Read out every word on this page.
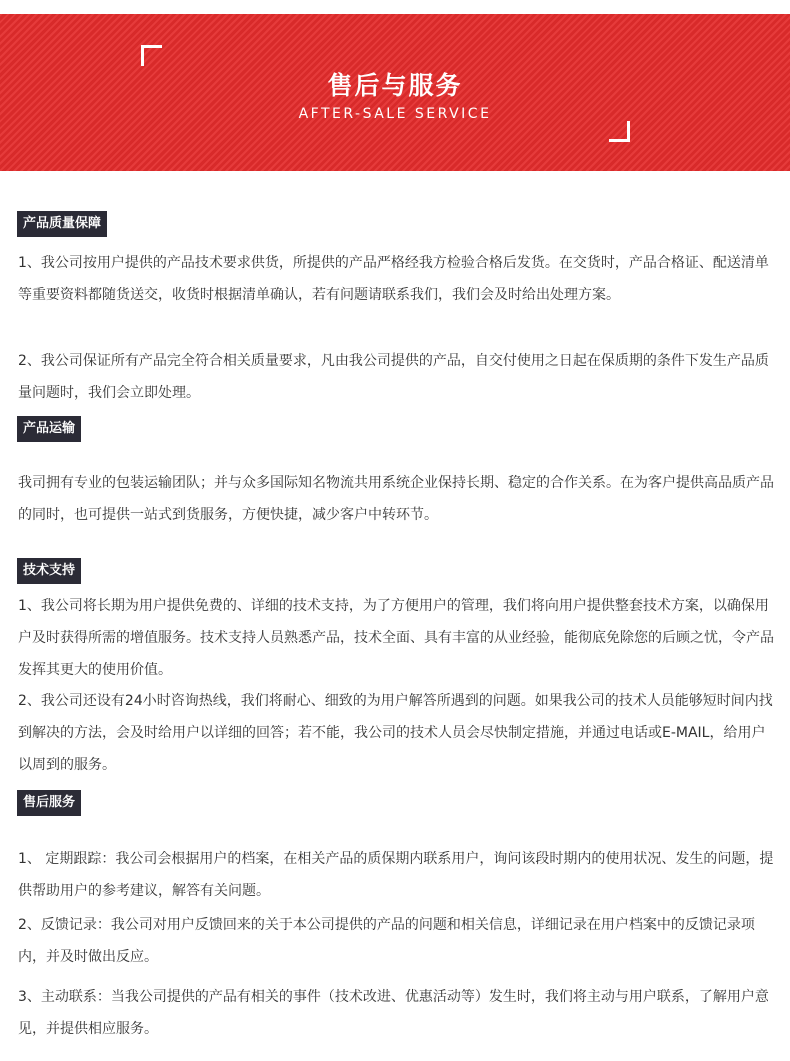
售后与服务
AFTER-SALE SERVICE
产品质量保障
1、我公司按用户提供的产品技术要求供货，所提供的产品严格经我方检验合格后发货。在交货时，产品合格证、配送清单等重要资料都随货送交，收货时根据清单确认，若有问题请联系我们，我们会及时给出处理方案。
2、我公司保证所有产品完全符合相关质量要求，凡由我公司提供的产品，自交付使用之日起在保质期的条件下发生产品质量问题时，我们会立即处理。
产品运输
我司拥有专业的包装运输团队；并与众多国际知名物流共用系统企业保持长期、稳定的合作关系。在为客户提供高品质产品的同时，也可提供一站式到货服务，方便快捷，减少客户中转环节。
技术支持
1、我公司将长期为用户提供免费的、详细的技术支持，为了方便用户的管理，我们将向用户提供整套技术方案，以确保用户及时获得所需的增值服务。技术支持人员熟悉产品，技术全面、具有丰富的从业经验，能彻底免除您的后顾之忧，令产品发挥其更大的使用价值。
2、我公司还设有24小时咨询热线，我们将耐心、细致的为用户解答所遇到的问题。如果我公司的技术人员能够短时间内找到解决的方法，会及时给用户以详细的回答；若不能，我公司的技术人员会尽快制定措施，并通过电话或E-MAIL，给用户以周到的服务。
售后服务
1、 定期跟踪：我公司会根据用户的档案，在相关产品的质保期内联系用户，询问该段时期内的使用状况、发生的问题，提供帮助用户的参考建议，解答有关问题。
2、反馈记录：我公司对用户反馈回来的关于本公司提供的产品的问题和相关信息，详细记录在用户档案中的反馈记录项内，并及时做出反应。
3、主动联系：当我公司提供的产品有相关的事件（技术改进、优惠活动等）发生时，我们将主动与用户联系，了解用户意见，并提供相应服务。
